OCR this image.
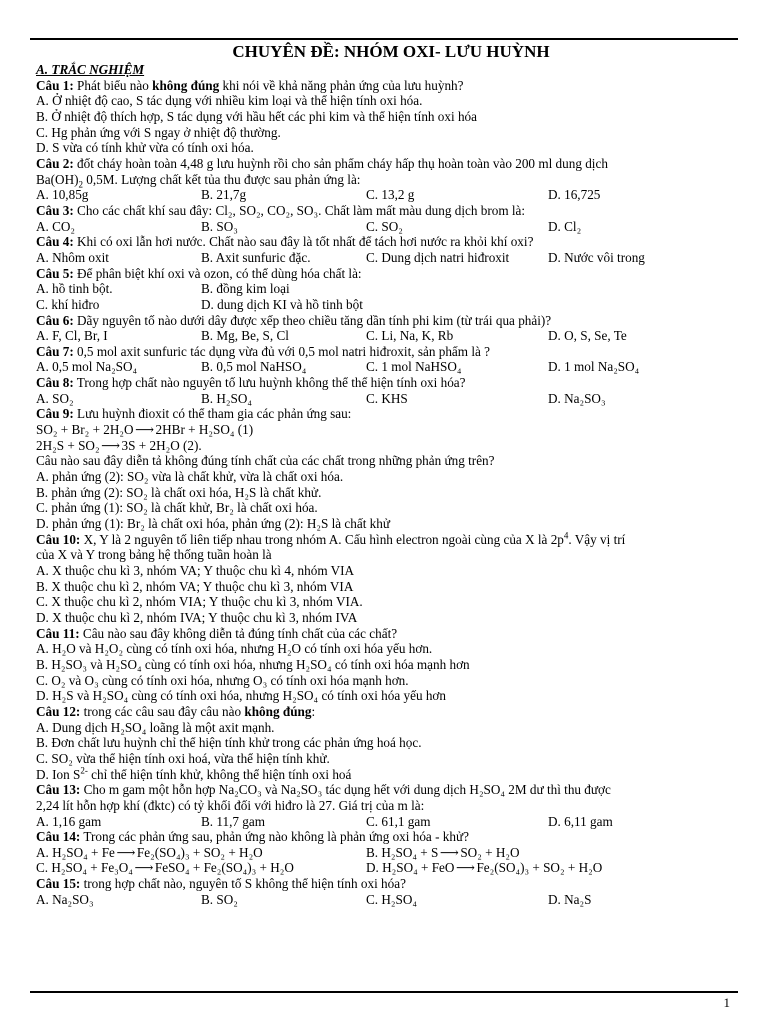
CHUYÊN ĐỀ: NHÓM OXI- LƯU HUỲNH
A. TRẮC NGHIỆM
Câu 1: Phát biểu nào không đúng khi nói về khả năng phản ứng của lưu huỳnh?
A. Ở nhiệt độ cao, S tác dụng với nhiều kim loại và thể hiện tính oxi hóa.
B. Ở nhiệt độ thích hợp, S tác dụng với hầu hết các phi kim và thể hiện tính oxi hóa
C. Hg phản ứng với S ngay ở nhiệt độ thường.
D. S vừa có tính khử vừa có tính oxi hóa.
Câu 2: đốt cháy hoàn toàn 4,48 g lưu huỳnh rồi cho sản phẩm cháy hấp thụ hoàn toàn vào 200 ml dung dịch
$Ba(OH)_2$ 0,5M. Lượng chất kết tủa thu được sau phản ứng là:
A. 10,85g	B. 21,7g	C. 13,2 g	D. 16,725
Câu 3: Cho các chất khí sau đây: Cl₂, SO₂, CO₂, SO₃. Chất làm mất màu dung dịch brom là:
A. CO₂	B. SO₃	C. SO₂	D. Cl₂
Câu 4: Khi có oxi lẫn hơi nước. Chất nào sau đây là tốt nhất để tách hơi nước ra khỏi khí oxi?
A. Nhôm oxit	B. Axit sunfuric đặc.	C. Dung dịch natri hiđroxit	D. Nước vôi trong
Câu 5: Để phân biệt khí oxi và ozon, có thể dùng hóa chất là:
A. hồ tinh bột.	B. đồng kim loại
C. khí hiđro	D. dung dịch KI và hồ tinh bột
Câu 6: Dãy nguyên tố nào dưới dây được xếp theo chiều tăng dần tính phi kim (từ trái qua phải)?
A. F, Cl, Br, I	B. Mg, Be, S, Cl	C. Li, Na, K, Rb	D. O, S, Se, Te
Câu 7: 0,5 mol axit sunfuric tác dụng vừa đủ với 0,5 mol natri hiđroxit, sản phẩm là ?
A. 0,5 mol Na₂SO₄	B. 0,5 mol NaHSO₄	C. 1 mol NaHSO₄	D. 1 mol Na₂SO₄
Câu 8: Trong hợp chất nào nguyên tố lưu huỳnh không thể thể hiện tính oxi hóa?
A. SO₂	B. H₂SO₄	C. KHS	D. Na₂SO₃
Câu 9: Lưu huỳnh đioxit có thể tham gia các phản ứng sau:
SO₂ + Br₂ + 2H₂O ⟶ 2HBr + H₂SO₄ (1)
2H₂S + SO₂ ⟶ 3S + 2H₂O (2).
Câu nào sau đây diễn tả không đúng tính chất của các chất trong những phản ứng trên?
A. phản ứng (2): SO₂ vừa là chất khử, vừa là chất oxi hóa.
B. phản ứng (2): SO₂ là chất oxi hóa, H₂S là chất khử.
C. phản ứng (1): SO₂ là chất khử, Br₂ là chất oxi hóa.
D. phản ứng (1): Br₂ là chất oxi hóa, phản ứng (2): H₂S là chất khử
Câu 10: X, Y là 2 nguyên tố liên tiếp nhau trong nhóm A. Cấu hình electron ngoài cùng của X là $2p^4$. Vậy vị trí
của X và Y trong bảng hệ thống tuần hoàn là
A. X thuộc chu kì 3, nhóm VA; Y thuộc chu kì 4, nhóm VIA
B. X thuộc chu kì 2, nhóm VA; Y thuộc chu kì 3, nhóm VIA
C. X thuộc chu kì 2, nhóm VIA; Y thuộc chu kì 3, nhóm VIA.
D. X thuộc chu kì 2, nhóm IVA; Y thuộc chu kì 3, nhóm IVA
Câu 11: Câu nào sau đây không diễn tả đúng tính chất của các chất?
A. H₂O và H₂O₂ cùng có tính oxi hóa, nhưng H₂O có tính oxi hóa yếu hơn.
B. H₂SO₃ và H₂SO₄ cùng có tính oxi hóa, nhưng H₂SO₄ có tính oxi hóa mạnh hơn
C. O₂ và O₃ cùng có tính oxi hóa, nhưng O₃ có tính oxi hóa mạnh hơn.
D. H₂S và H₂SO₄ cùng có tính oxi hóa, nhưng H₂SO₄ có tính oxi hóa yếu hơn
Câu 12: trong các câu sau đây câu nào không đúng:
A. Dung dịch H₂SO₄ loãng là một axit mạnh.
B. Đơn chất lưu huỳnh chỉ thể hiện tính khử trong các phản ứng hoá học.
C. SO₂ vừa thể hiện tính oxi hoá, vừa thể hiện tính khử.
D. Ion $S^{2-}$ chỉ thể hiện tính khử, không thể hiện tính oxi hoá
Câu 13: Cho m gam một hỗn hợp Na₂CO₃ và Na₂SO₃ tác dụng hết với dung dịch H₂SO₄ 2M dư thì thu được
2,24 lít hỗn hợp khí (đktc) có tỷ khối đối với hiđro là 27. Giá trị của m là:
A. 1,16 gam	B. 11,7 gam	C. 61,1 gam	D. 6,11 gam
Câu 14: Trong các phản ứng sau, phản ứng nào không là phản ứng oxi hóa - khử?
A. H₂SO₄ + Fe ⟶ Fe₂(SO₄)₃ + SO₂ + H₂O	B. H₂SO₄ + S ⟶ SO₂ + H₂O
C. H₂SO₄ + Fe₃O₄ ⟶ FeSO₄ + Fe₂(SO₄)₃ + H₂O	D. H₂SO₄ + FeO ⟶ Fe₂(SO₄)₃ + SO₂ + H₂O
Câu 15: trong hợp chất nào, nguyên tố S không thể hiện tính oxi hóa?
A. Na₂SO₃	B. SO₂	C. H₂SO₄	D. Na₂S
1
